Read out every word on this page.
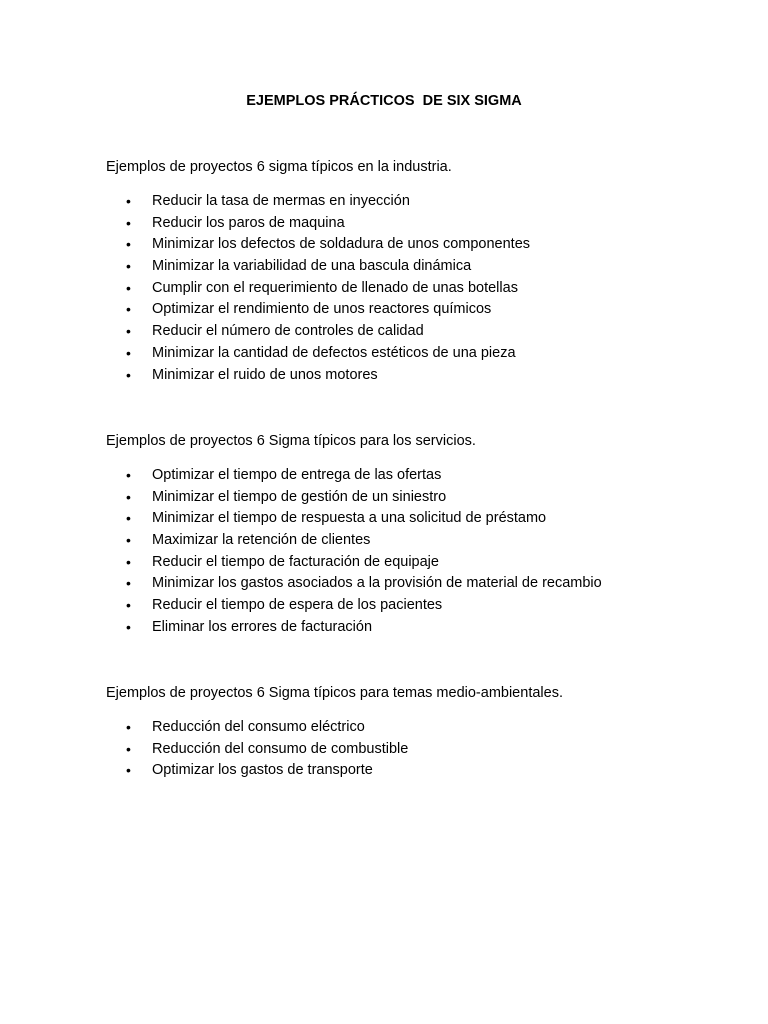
EJEMPLOS PRÁCTICOS  DE SIX SIGMA
Ejemplos de proyectos 6 sigma típicos en la industria.
• Reducir la tasa de mermas en inyección
• Reducir los paros de maquina
• Minimizar los defectos de soldadura de unos componentes
• Minimizar la variabilidad de una bascula dinámica
• Cumplir con el requerimiento de llenado de unas botellas
• Optimizar el rendimiento de unos reactores químicos
• Reducir el número de controles de calidad
• Minimizar la cantidad de defectos estéticos de una pieza
• Minimizar el ruido de unos motores
Ejemplos de proyectos 6 Sigma típicos para los servicios.
• Optimizar el tiempo de entrega de las ofertas
• Minimizar el tiempo de gestión de un siniestro
• Minimizar el tiempo de respuesta a una solicitud de préstamo
• Maximizar la retención de clientes
• Reducir el tiempo de facturación de equipaje
• Minimizar los gastos asociados a la provisión de material de recambio
• Reducir el tiempo de espera de los pacientes
• Eliminar los errores de facturación
Ejemplos de proyectos 6 Sigma típicos para temas medio-ambientales.
• Reducción del consumo eléctrico
• Reducción del consumo de combustible
• Optimizar los gastos de transporte
